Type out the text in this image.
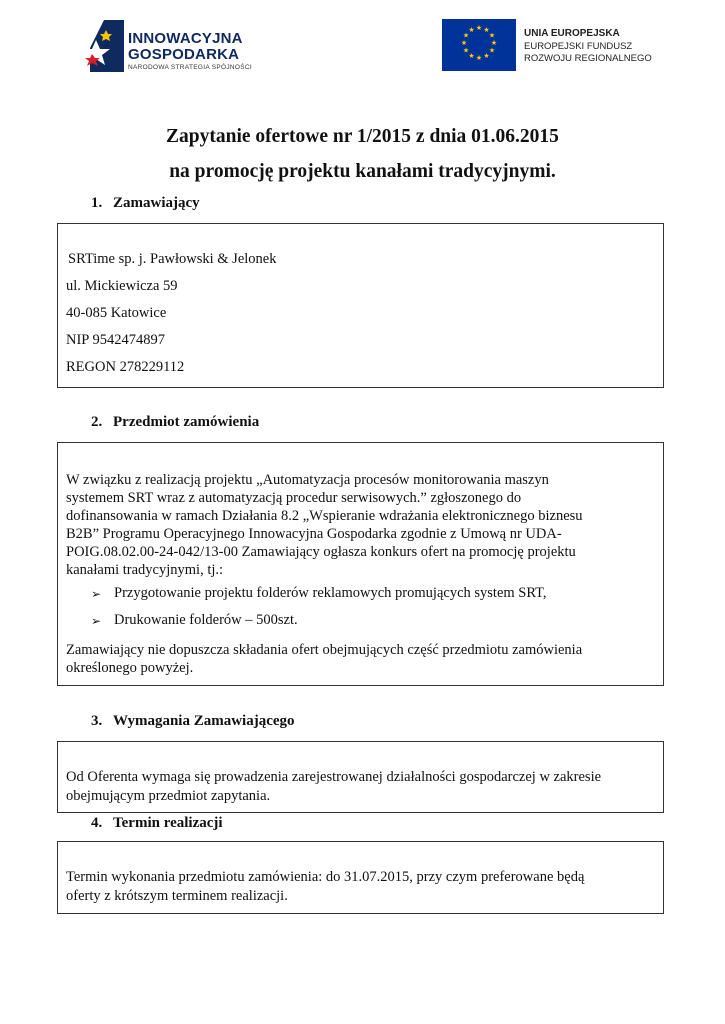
INNOWACYJNA
GOSPODARKA
NARODOWA STRATEGIA SPÓJNOŚCI
★ ★
★
★
★
★
★
★
★
★
★
★	UNIA EUROPEJSKA
EUROPEJSKI FUNDUSZ
ROZWOJU REGIONALNEGO
Zapytanie ofertowe nr 1/2015 z dnia 01.06.2015
na promocję projektu kanałami tradycyjnymi.
1. Zamawiający
SRTime sp. j. Pawłowski & Jelonek
ul. Mickiewicza 59
40-085 Katowice
NIP 9542474897
REGON 278229112
2. Przedmiot zamówienia
W związku z realizacją projektu „Automatyzacja procesów monitorowania maszyn
systemem SRT wraz z automatyzacją procedur serwisowych.” zgłoszonego do
dofinansowania w ramach Działania 8.2 „Wspieranie wdrażania elektronicznego biznesu
B2B” Programu Operacyjnego Innowacyjna Gospodarka zgodnie z Umową nr UDA-
POIG.08.02.00-24-042/13-00 Zamawiający ogłasza konkurs ofert na promocję projektu
kanałami tradycyjnymi, tj.:
➢ Przygotowanie projektu folderów reklamowych promujących system SRT,
➢ Drukowanie folderów – 500szt.
Zamawiający nie dopuszcza składania ofert obejmujących część przedmiotu zamówienia
określonego powyżej.
3. Wymagania Zamawiającego
Od Oferenta wymaga się prowadzenia zarejestrowanej działalności gospodarczej w zakresie
obejmującym przedmiot zapytania.
4. Termin realizacji
Termin wykonania przedmiotu zamówienia: do 31.07.2015, przy czym preferowane będą
oferty z krótszym terminem realizacji.
